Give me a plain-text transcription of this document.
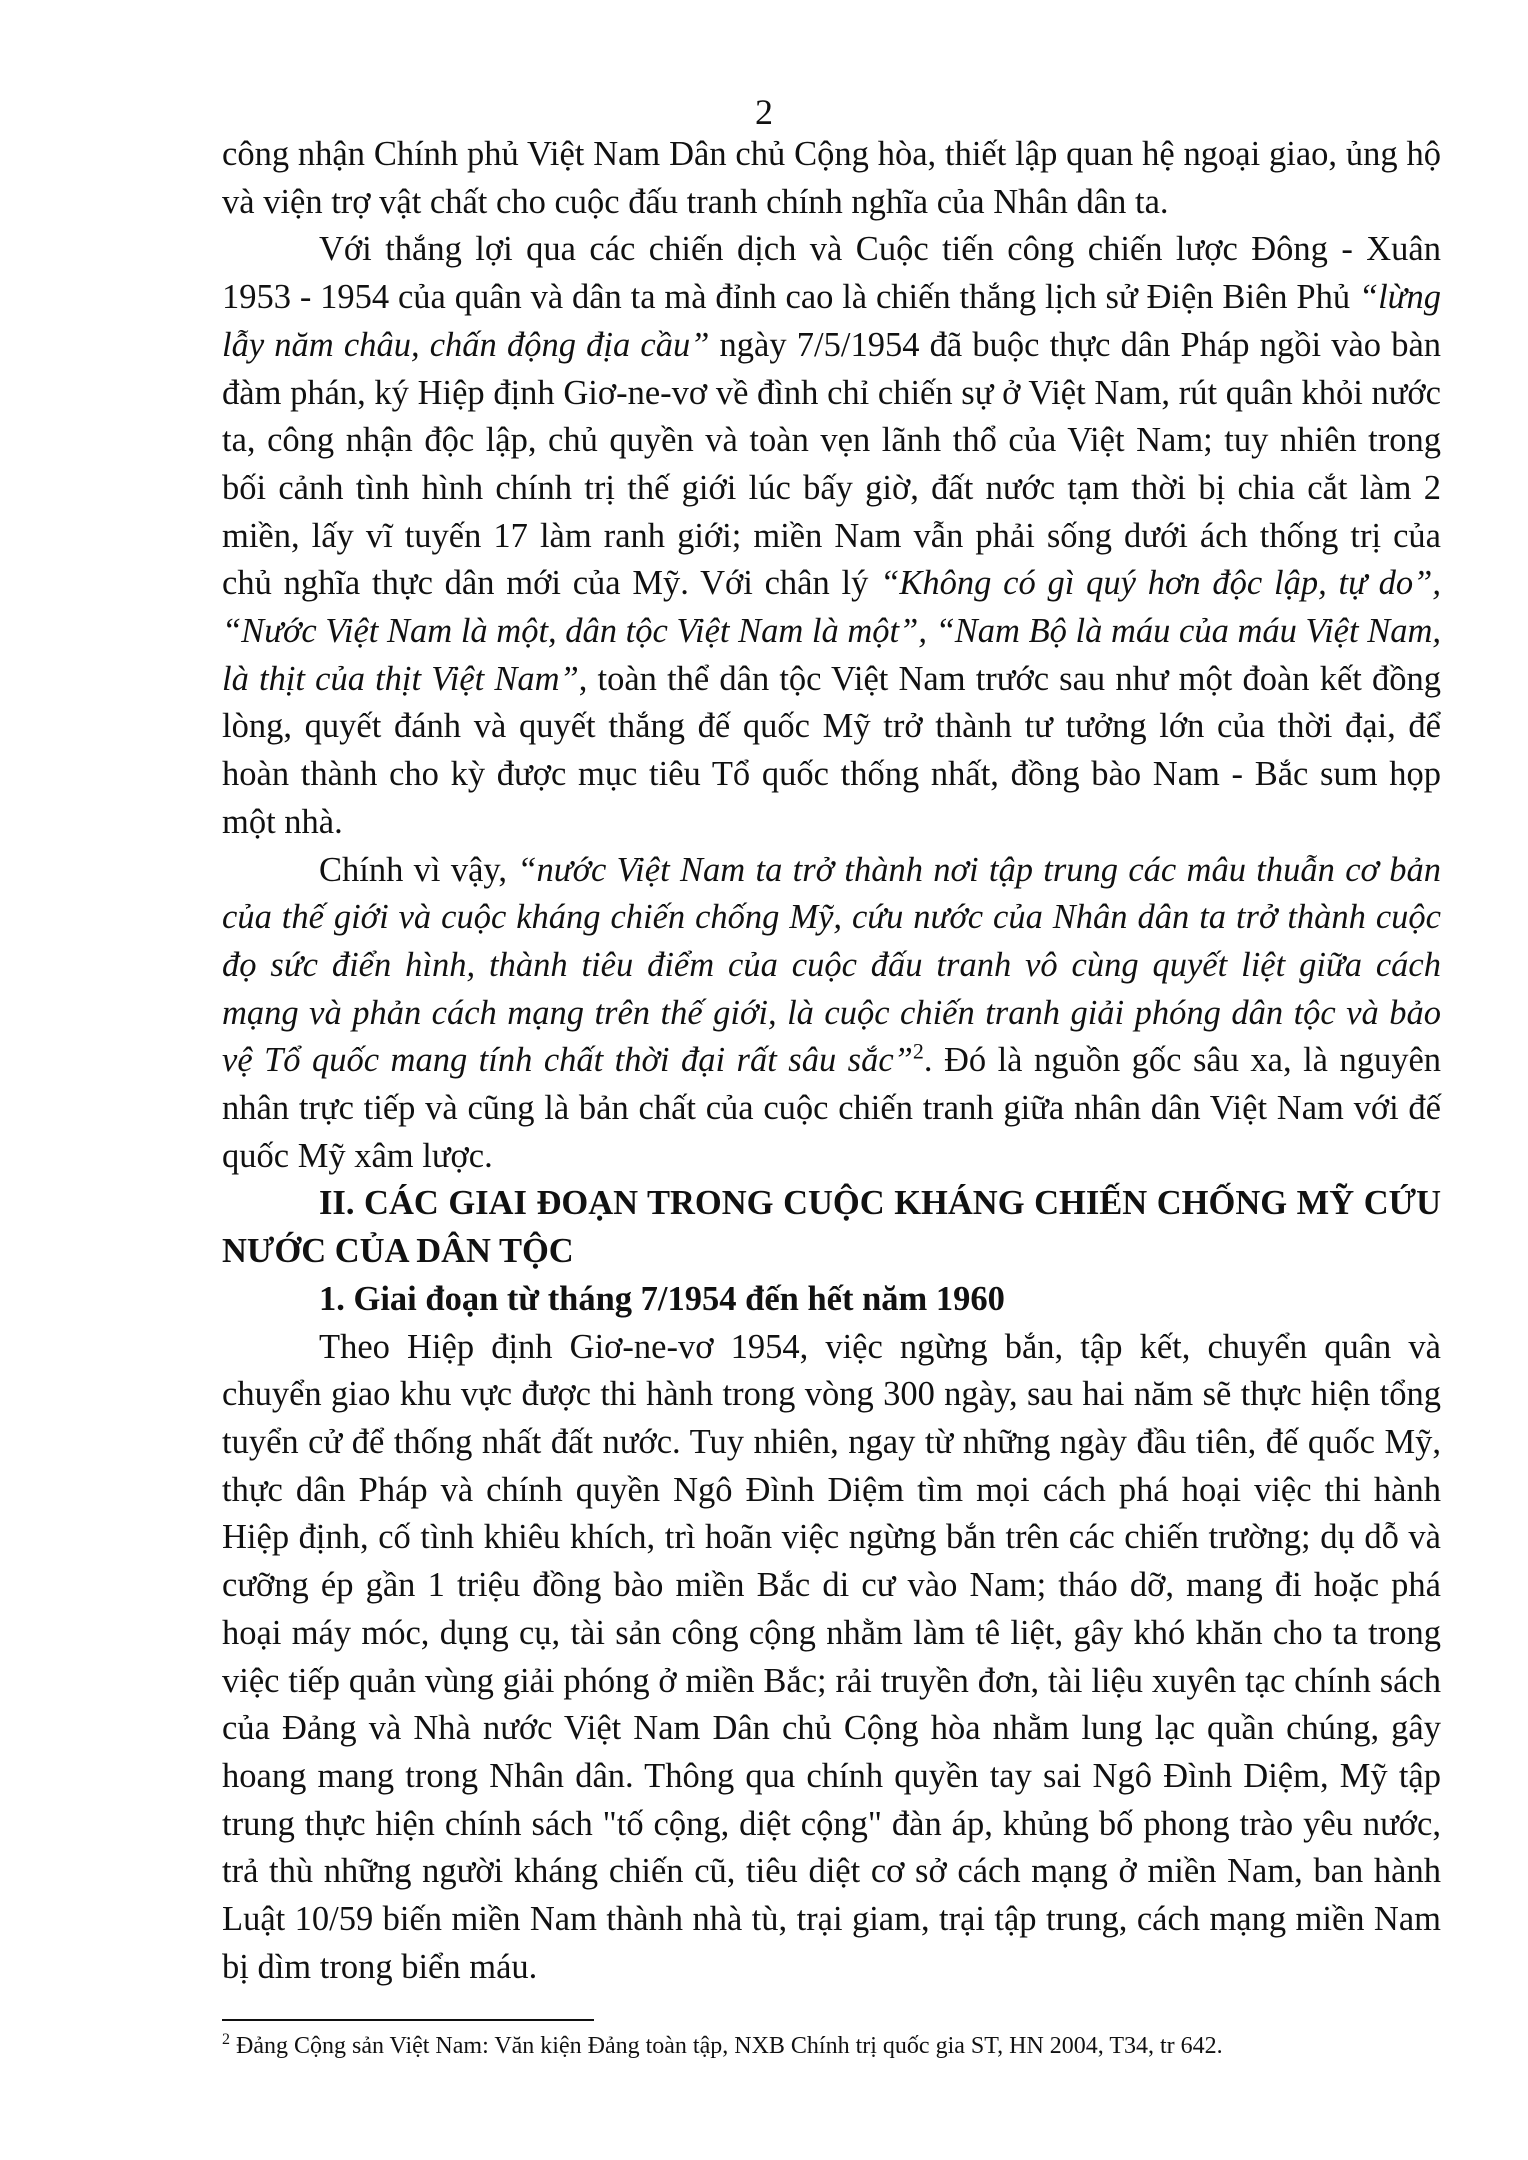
2

công nhận Chính phủ Việt Nam Dân chủ Cộng hòa, thiết lập quan hệ ngoại giao, ủng hộ và viện trợ vật chất cho cuộc đấu tranh chính nghĩa của Nhân dân ta.

Với thắng lợi qua các chiến dịch và Cuộc tiến công chiến lược Đông - Xuân 1953 - 1954 của quân và dân ta mà đỉnh cao là chiến thắng lịch sử Điện Biên Phủ “lừng lẫy năm châu, chấn động địa cầu” ngày 7/5/1954 đã buộc thực dân Pháp ngồi vào bàn đàm phán, ký Hiệp định Giơ-ne-vơ về đình chỉ chiến sự ở Việt Nam, rút quân khỏi nước ta, công nhận độc lập, chủ quyền và toàn vẹn lãnh thổ của Việt Nam; tuy nhiên trong bối cảnh tình hình chính trị thế giới lúc bấy giờ, đất nước tạm thời bị chia cắt làm 2 miền, lấy vĩ tuyến 17 làm ranh giới; miền Nam vẫn phải sống dưới ách thống trị của chủ nghĩa thực dân mới của Mỹ. Với chân lý “Không có gì quý hơn độc lập, tự do”, “Nước Việt Nam là một, dân tộc Việt Nam là một”, “Nam Bộ là máu của máu Việt Nam, là thịt của thịt Việt Nam”, toàn thể dân tộc Việt Nam trước sau như một đoàn kết đồng lòng, quyết đánh và quyết thắng đế quốc Mỹ trở thành tư tưởng lớn của thời đại, để hoàn thành cho kỳ được mục tiêu Tổ quốc thống nhất, đồng bào Nam - Bắc sum họp một nhà.

Chính vì vậy, “nước Việt Nam ta trở thành nơi tập trung các mâu thuẫn cơ bản của thế giới và cuộc kháng chiến chống Mỹ, cứu nước của Nhân dân ta trở thành cuộc đọ sức điển hình, thành tiêu điểm của cuộc đấu tranh vô cùng quyết liệt giữa cách mạng và phản cách mạng trên thế giới, là cuộc chiến tranh giải phóng dân tộc và bảo vệ Tổ quốc mang tính chất thời đại rất sâu sắc”$^2$. Đó là nguồn gốc sâu xa, là nguyên nhân trực tiếp và cũng là bản chất của cuộc chiến tranh giữa nhân dân Việt Nam với đế quốc Mỹ xâm lược.

II. CÁC GIAI ĐOẠN TRONG CUỘC KHÁNG CHIẾN CHỐNG MỸ CỨU NƯỚC CỦA DÂN TỘC

1. Giai đoạn từ tháng 7/1954 đến hết năm 1960

Theo Hiệp định Giơ-ne-vơ 1954, việc ngừng bắn, tập kết, chuyển quân và chuyển giao khu vực được thi hành trong vòng 300 ngày, sau hai năm sẽ thực hiện tổng tuyển cử để thống nhất đất nước. Tuy nhiên, ngay từ những ngày đầu tiên, đế quốc Mỹ, thực dân Pháp và chính quyền Ngô Đình Diệm tìm mọi cách phá hoại việc thi hành Hiệp định, cố tình khiêu khích, trì hoãn việc ngừng bắn trên các chiến trường; dụ dỗ và cưỡng ép gần 1 triệu đồng bào miền Bắc di cư vào Nam; tháo dỡ, mang đi hoặc phá hoại máy móc, dụng cụ, tài sản công cộng nhằm làm tê liệt, gây khó khăn cho ta trong việc tiếp quản vùng giải phóng ở miền Bắc; rải truyền đơn, tài liệu xuyên tạc chính sách của Đảng và Nhà nước Việt Nam Dân chủ Cộng hòa nhằm lung lạc quần chúng, gây hoang mang trong Nhân dân. Thông qua chính quyền tay sai Ngô Đình Diệm, Mỹ tập trung thực hiện chính sách "tố cộng, diệt cộng" đàn áp, khủng bố phong trào yêu nước, trả thù những người kháng chiến cũ, tiêu diệt cơ sở cách mạng ở miền Nam, ban hành Luật 10/59 biến miền Nam thành nhà tù, trại giam, trại tập trung, cách mạng miền Nam bị dìm trong biển máu.

$^2$ Đảng Cộng sản Việt Nam: Văn kiện Đảng toàn tập, NXB Chính trị quốc gia ST, HN 2004, T34, tr 642.
